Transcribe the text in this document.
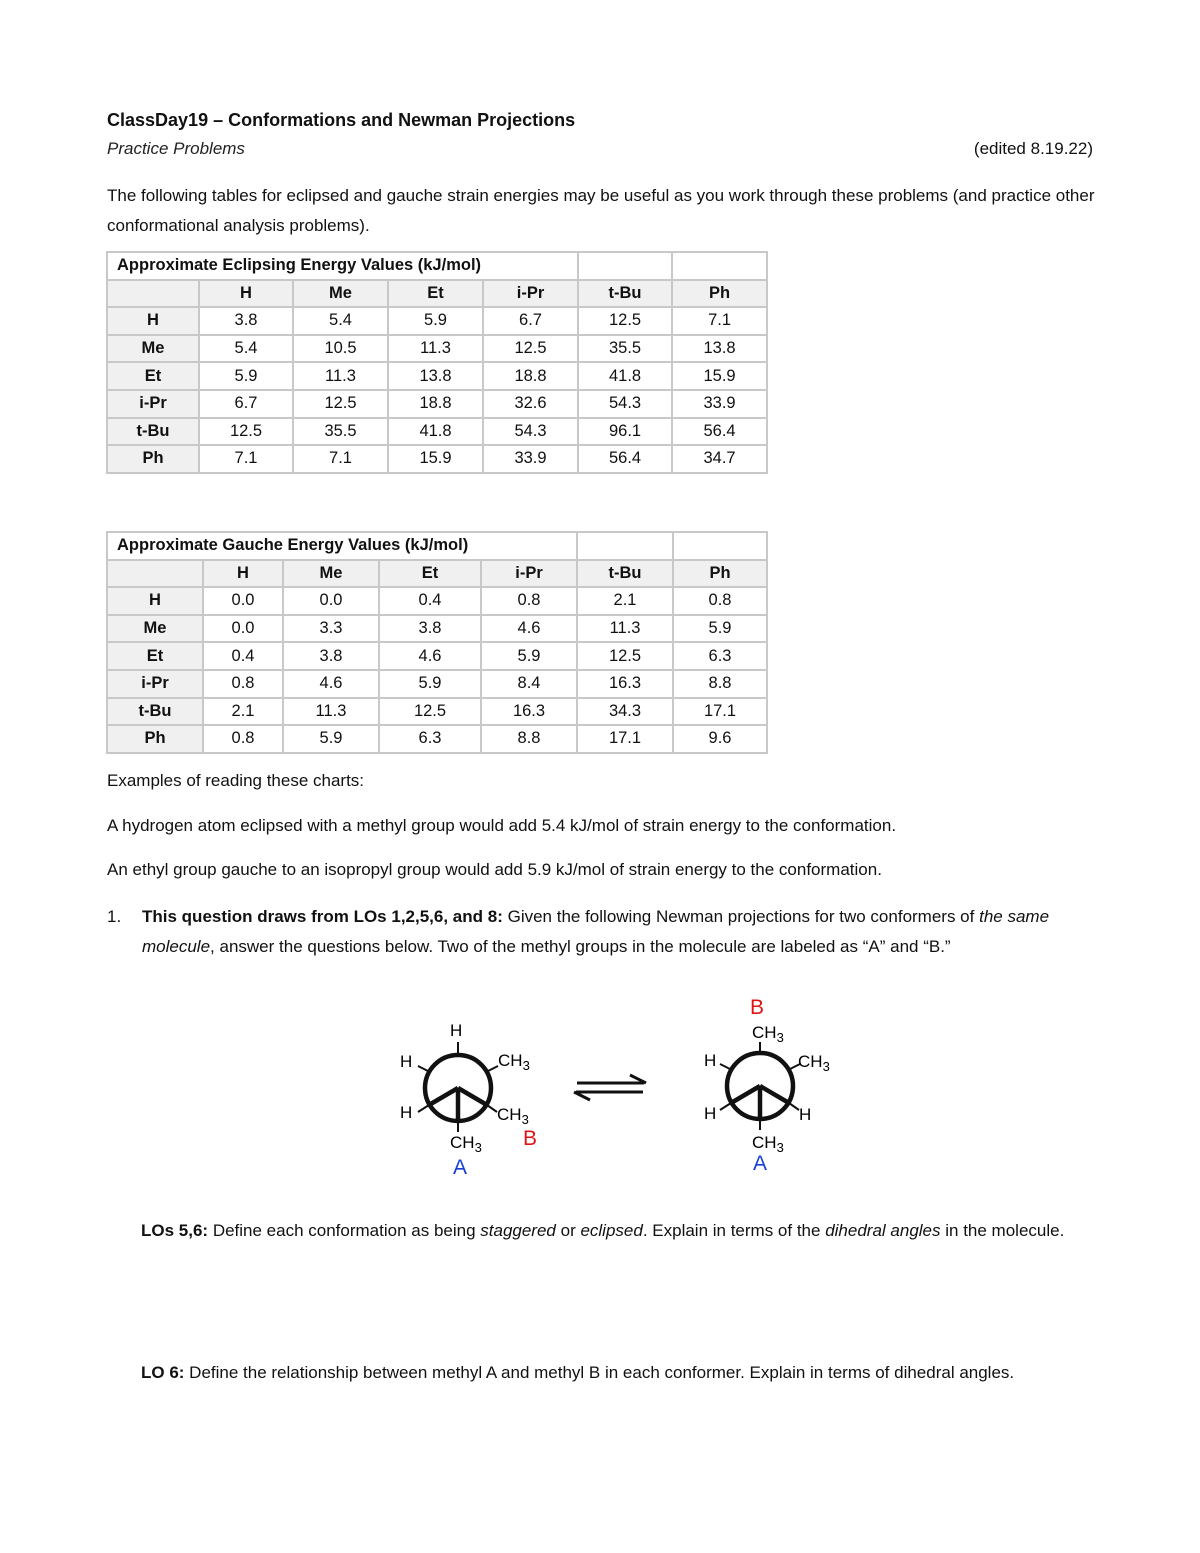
ClassDay19 – Conformations and Newman Projections
Practice Problems	(edited 8.19.22)
The following tables for eclipsed and gauche strain energies may be useful as you work through these problems (and practice other conformational analysis problems).
Approximate Eclipsing Energy Values (kJ/mol)						
	H	Me	Et	i-Pr	t-Bu	Ph
H	3.8	5.4	5.9	6.7	12.5	7.1
Me	5.4	10.5	11.3	12.5	35.5	13.8
Et	5.9	11.3	13.8	18.8	41.8	15.9
i-Pr	6.7	12.5	18.8	32.6	54.3	33.9
t-Bu	12.5	35.5	41.8	54.3	96.1	56.4
Ph	7.1	7.1	15.9	33.9	56.4	34.7
Approximate Gauche Energy Values (kJ/mol)						
	H	Me	Et	i-Pr	t-Bu	Ph
H	0.0	0.0	0.4	0.8	2.1	0.8
Me	0.0	3.3	3.8	4.6	11.3	5.9
Et	0.4	3.8	4.6	5.9	12.5	6.3
i-Pr	0.8	4.6	5.9	8.4	16.3	8.8
t-Bu	2.1	11.3	12.5	16.3	34.3	17.1
Ph	0.8	5.9	6.3	8.8	17.1	9.6
Examples of reading these charts:
A hydrogen atom eclipsed with a methyl group would add 5.4 kJ/mol of strain energy to the conformation.
An ethyl group gauche to an isopropyl group would add 5.9 kJ/mol of strain energy to the conformation.
1. This question draws from LOs 1,2,5,6, and 8: Given the following Newman projections for two conformers of the same molecule, answer the questions below. Two of the methyl groups in the molecule are labeled as “A” and “B.”
H
H	$CH_3$
H	$CH_3$
$CH_3$
A
B
$CH_3$
H	$CH_3$
H	H
$CH_3$
A
B
LOs 5,6: Define each conformation as being staggered or eclipsed. Explain in terms of the dihedral angles in the molecule.
LO 6: Define the relationship between methyl A and methyl B in each conformer. Explain in terms of dihedral angles.
